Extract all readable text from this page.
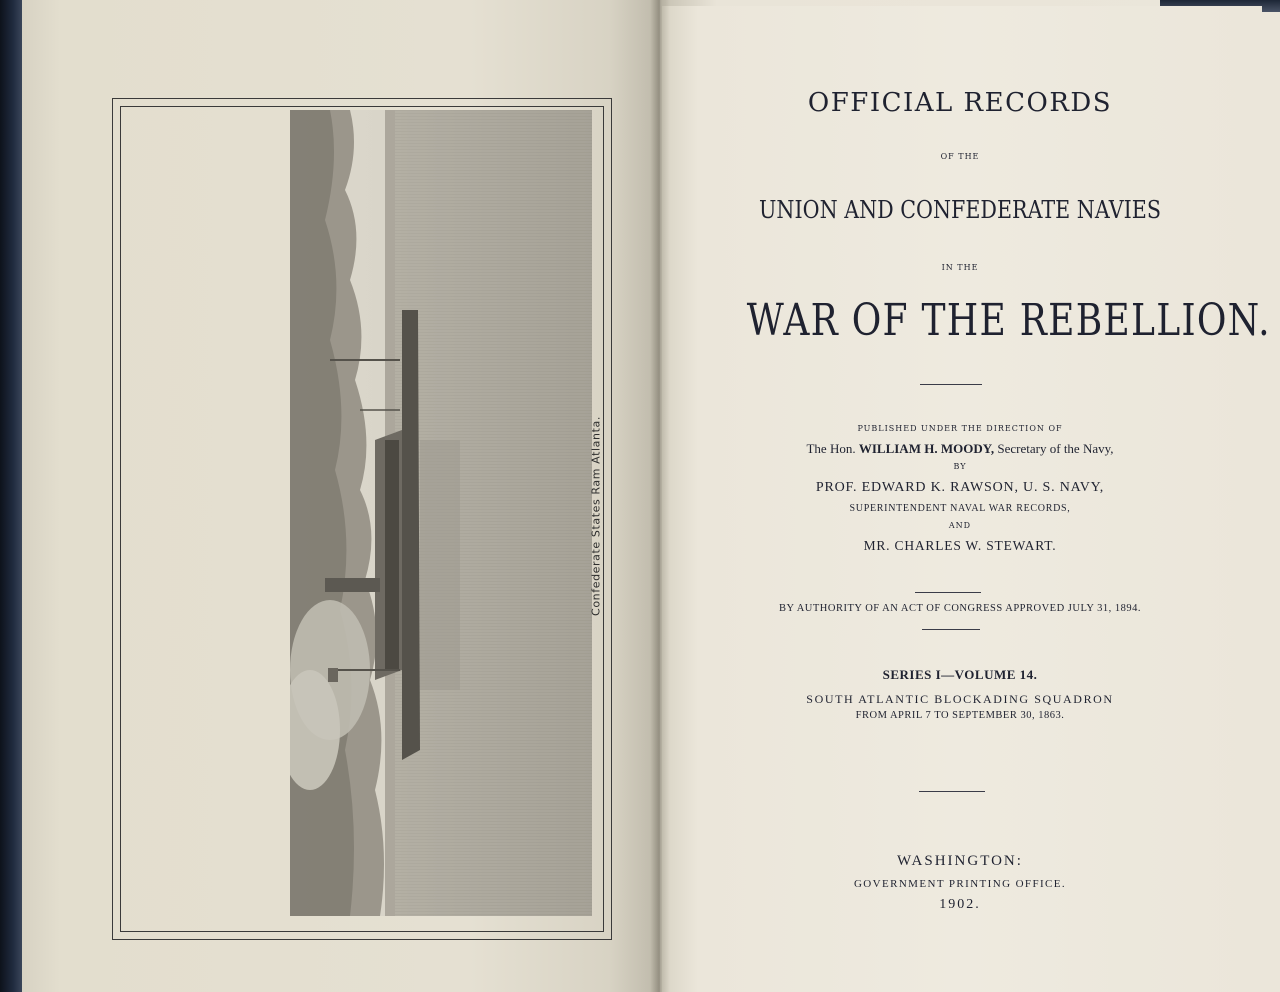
Confederate States Ram Atlanta.
OFFICIAL RECORDS
OF THE
UNION AND CONFEDERATE NAVIES
IN THE
WAR OF THE REBELLION.
PUBLISHED UNDER THE DIRECTION OF
The Hon. WILLIAM H. MOODY, Secretary of the Navy,
BY
PROF. EDWARD K. RAWSON, U. S. NAVY,
SUPERINTENDENT NAVAL WAR RECORDS,
AND
MR. CHARLES W. STEWART.
BY AUTHORITY OF AN ACT OF CONGRESS APPROVED JULY 31, 1894.
SERIES I—VOLUME 14.
SOUTH ATLANTIC BLOCKADING SQUADRON
FROM APRIL 7 TO SEPTEMBER 30, 1863.
WASHINGTON:
GOVERNMENT PRINTING OFFICE.
1902.
